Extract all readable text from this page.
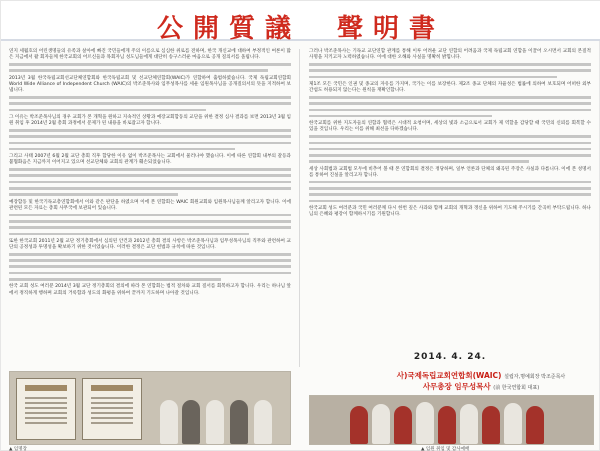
公開質議　聲明書

연지 세월호의 어린생명들의 유족과 살아에 빠진 국민들에게 주의 이름으로 심심한 위로를 전하며, 한국 개신교에 대하여 부정적인 여론이 많은 지금에서 왈 회자들께 한국교회의 어르신들과 목회자님 성도님들에게 대단히 송구스러운 마음으로 공개 질의서를 올립니다.

2013년 3월 한국독립교회선교단체연합회와 한국독립교회 및 선교단체연합회(WAIC)가 연합하여 출범하였습니다. 국제 독립교회연합회 World Wide Alliance of Independent Church (WAIC)의 박조준목사와 임무성목사를 세운 임원목사님을 공개질의서의 뜻을 지적하여 보냅니다.

그 이유는 박조준목사님의 경우 교회가 본 개혁을 원하고 지속적인 상황과 예장교회합동의 교단을 위한 결정 심사 결과를 보면 2013년 3월 임원 취임 후 2014년 2월 총회 과정에서 문제가 된 내용을 바로잡고자 합니다.

그리고 사태 2007년 6월 2월 교단 총회 직후 합당한 이유 없이 박조준목사는 교회에서 물러나야 했습니다. 이에 따른 연합회 내부의 갈등과 불협화음은 지금까지 이어지고 있으며 선교단체와 교회의 관계가 훼손되었습니다.

예장합동 및 한국기독교총연합회에서 이와 같은 판단을 하였으며 이에 본 연합회는 WAIC 회원교회와 임원목사님들께 알리고자 합니다. 이에 관련된 모든 자료는 총회 사무국에 보관되어 있습니다.

또한 한국교회 2011년 2월 교단 정기총회에서 심의된 안건과 2012년 총회 결의 사항은 박조준목사님과 임무성목사님의 직무와 관련하여 교단의 공정성과 투명성을 확보하기 위한 것이었습니다. 이러한 결정은 교단 헌법과 규칙에 따른 것입니다.

한국 교회 성도 여러분 2014년 3월 교단 정기총회의 결의에 따라 본 연합회는 법적 절차와 교회 질서를 회복하고자 합니다. 우리는 하나님 앞에서 정직하게 행하며 교회의 거룩함과 성도의 화평을 위하여 끝까지 기도하며 나아갈 것입니다.

그러나 박조준목사는 기독교 교단연합 관계를 통해 이루 어려운 교단 연합의 어려움과 국제 독립교회 연합을 이끌어 오시면서 교회의 본질적 사명을 지키고자 노력하였습니다. 이에 대한 오해와 사실을 명확히 밝힙니다.

제1조 모든 국민은 인권 및 종교의 자유를 가지며, 국가는 이를 보장한다. 제2조 종교 단체의 자율성은 법률에 의하여 보호되며 어떠한 외부 간섭도 허용되지 않는다는 원칙을 재확인합니다.

한국교회를 위한 지도자들의 연합과 협력은 시대적 요청이며, 세상의 빛과 소금으로서 교회가 제 역할을 감당할 때 국민의 신뢰를 회복할 수 있을 것입니다. 우리는 이를 위해 최선을 다하겠습니다.

세상 사회법과 교회법 모두에 비추어 볼 때 본 연합회의 결정은 정당하며, 일부 언론과 단체의 왜곡된 주장은 사실과 다릅니다. 이에 본 성명서를 통하여 진실을 알리고자 합니다.

한국교회 성도 여러분과 국민 여러분께 다시 한번 깊은 사과와 함께 교회의 개혁과 갱신을 위하여 기도해 주시기를 간곡히 부탁드립니다. 하나님의 은혜와 평강이 함께하시기를 기원합니다.

2014. 4. 24.
사)국제독립교회연합회(WAIC) 설립자,명예회장 박조준목사
사무총장 임무성목사 (前 한국연합회 대표)
▲ 임명장	▲ 임원 취임 및 감사예배
